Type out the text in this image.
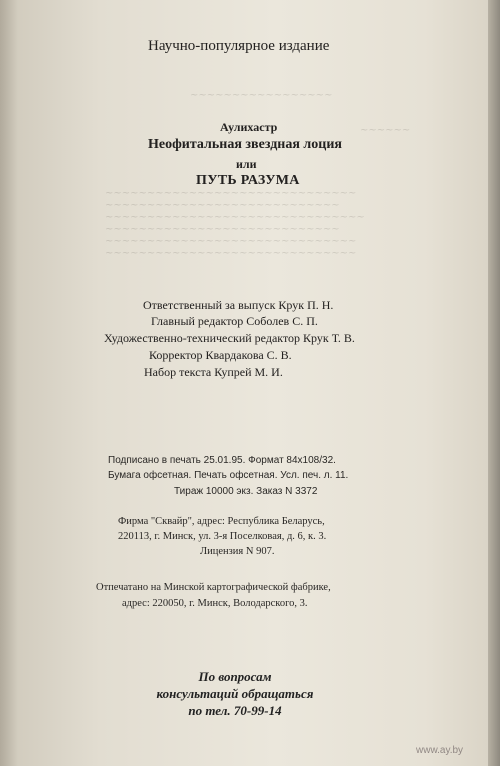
~~~~~~~~~~~~~~~~~
~~~~~~
~~~~~~~~~~~~~~~~~~~~~~~~~~~~~~
~~~~~~~~~~~~~~~~~~~~~~~~~~~~
~~~~~~~~~~~~~~~~~~~~~~~~~~~~~~~
~~~~~~~~~~~~~~~~~~~~~~~~~~~~
~~~~~~~~~~~~~~~~~~~~~~~~~~~~~~
~~~~~~~~~~~~~~~~~~~~~~~~~~~~~~
Научно-популярное издание
Аулихастр
Неофитальная звездная лоция
или
ПУТЬ РАЗУМА
Ответственный за выпуск Крук П. Н.
Главный редактор Соболев С. П.
Художественно-технический редактор Крук Т. В.
Корректор Квардакова С. В.
Набор текста Купрей М. И.
Подписано в печать 25.01.95. Формат 84х108/32.
Бумага офсетная. Печать офсетная. Усл. печ. л. 11.
Тираж 10000 экз. Заказ N 3372
Фирма "Сквайр", адрес: Республика Беларусь,
220113, г. Минск, ул. 3-я Поселковая, д. 6, к. 3.
Лицензия N 907.
Отпечатано на Минской картографической фабрике,
адрес: 220050, г. Минск, Володарского, 3.
По вопросам
консультаций обращаться
по тел. 70-99-14
www.ay.by
